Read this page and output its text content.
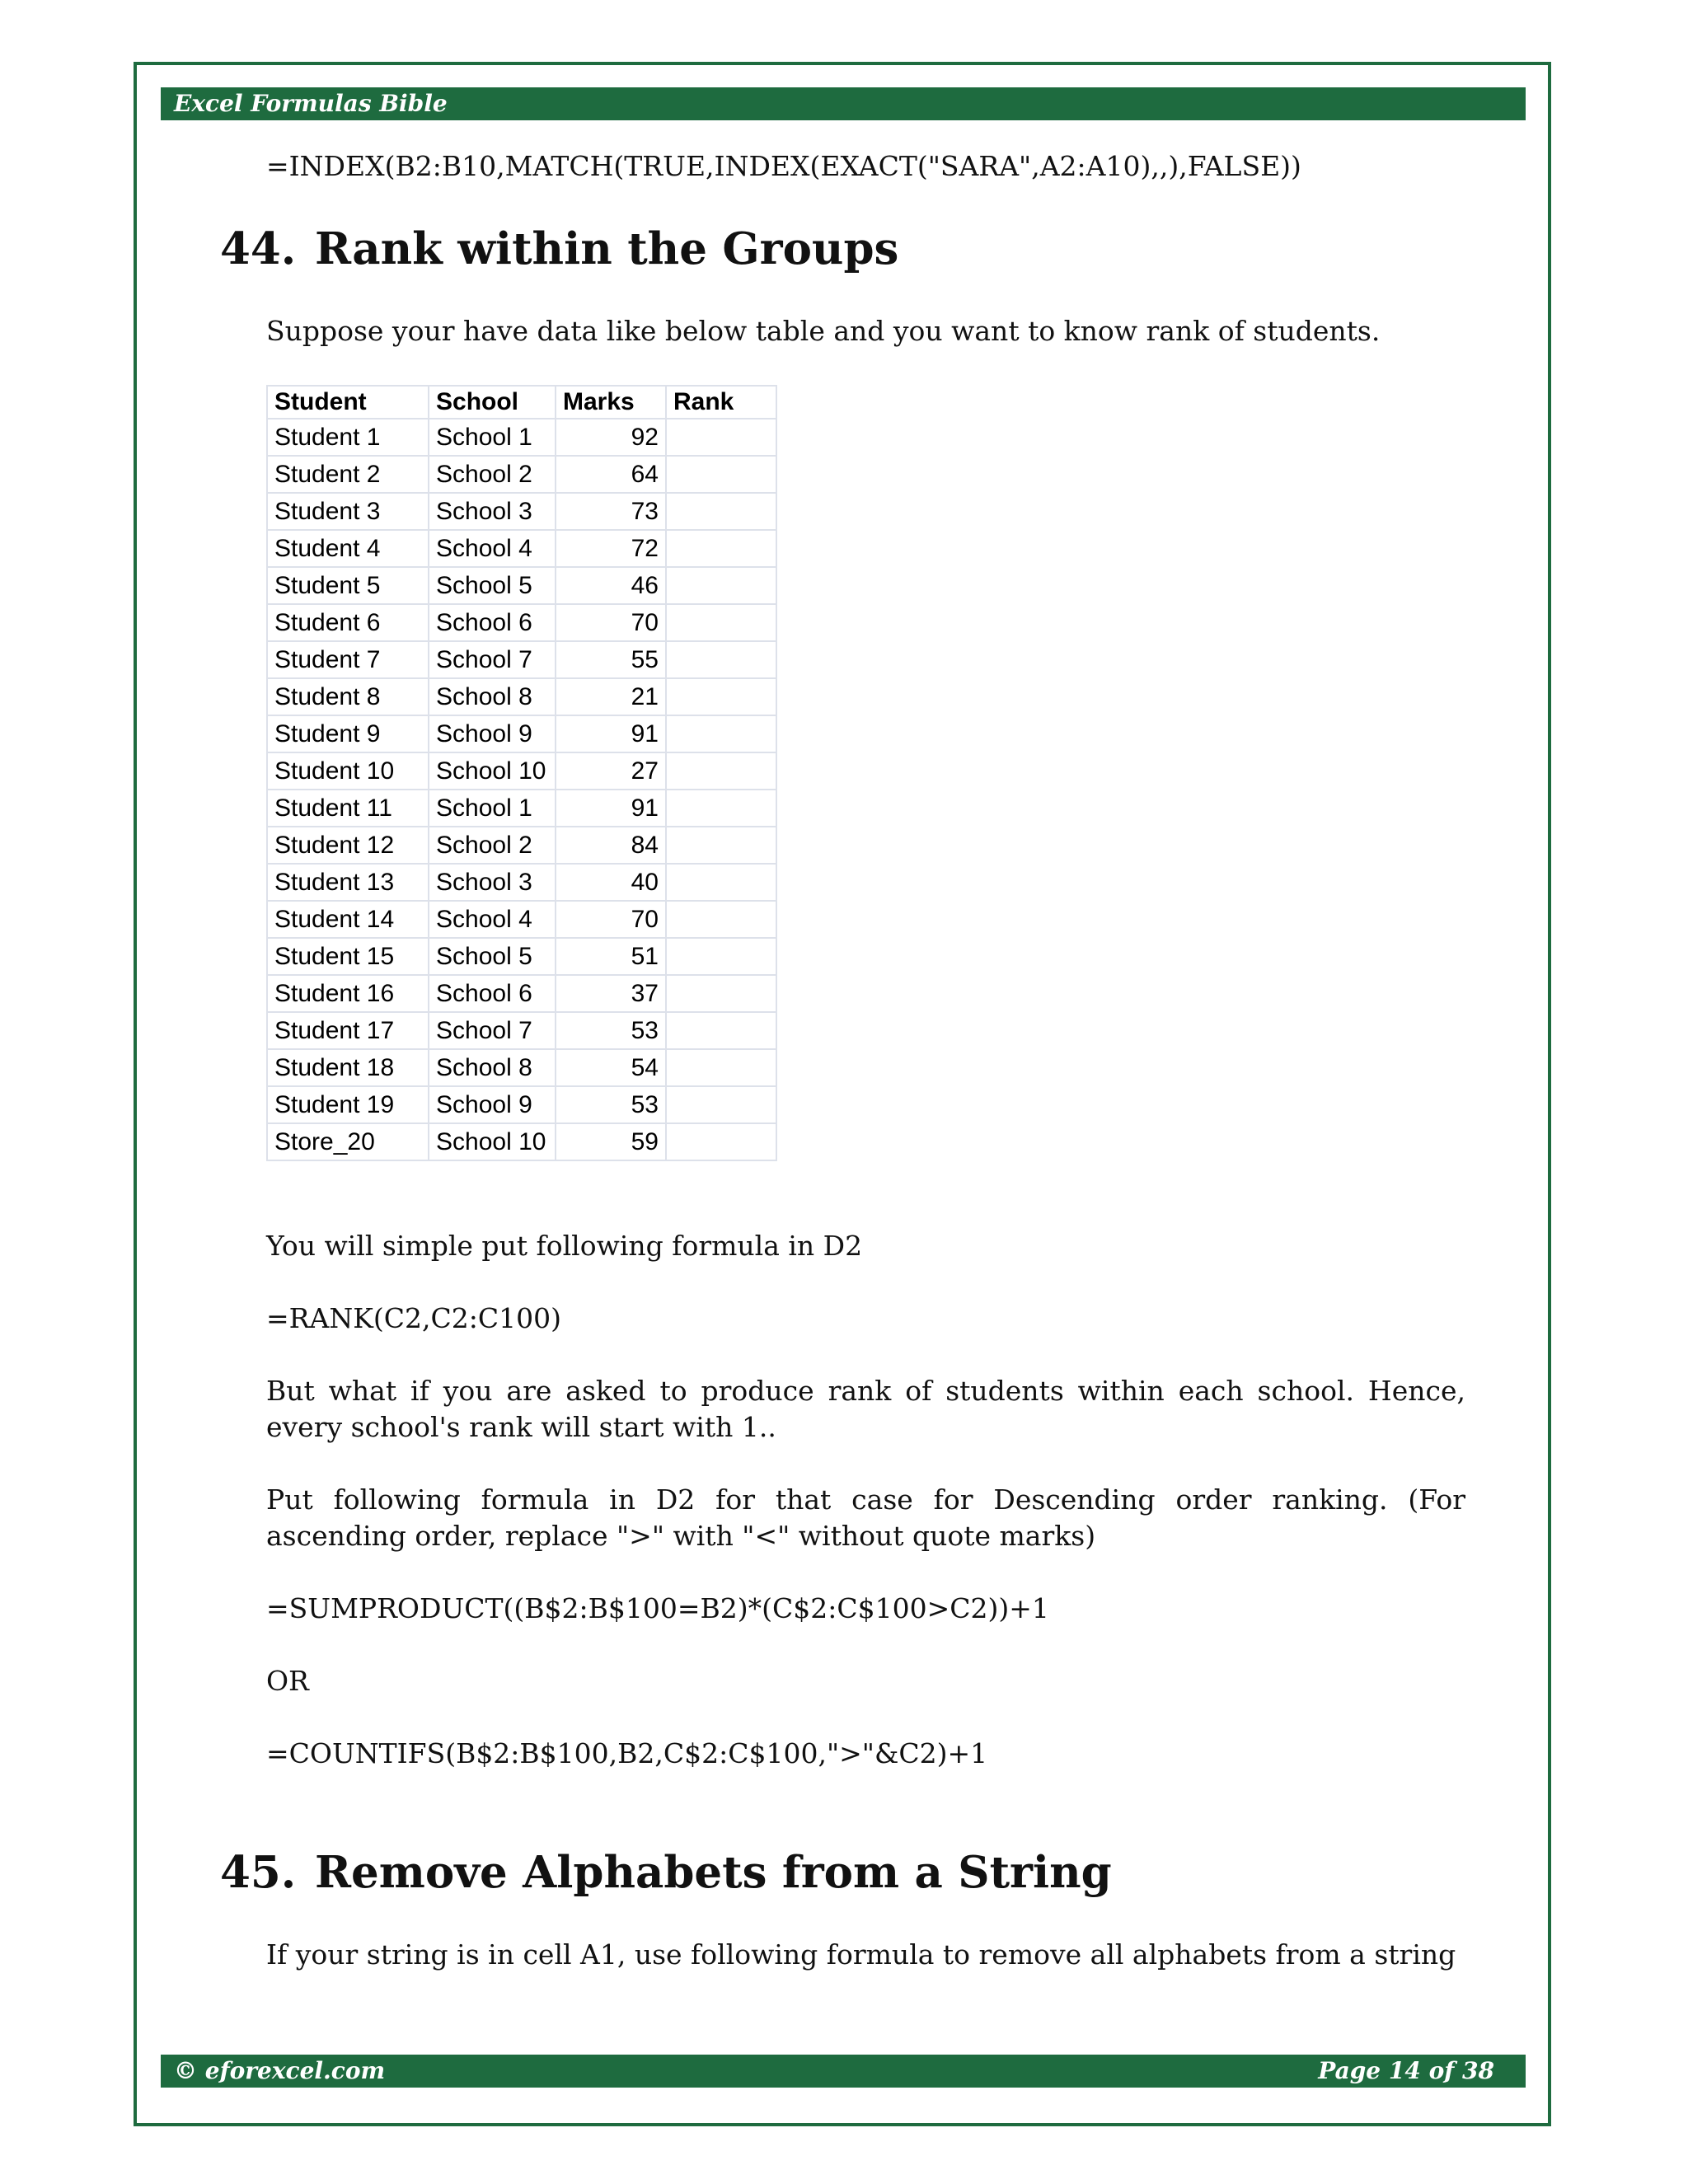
Excel Formulas Bible
=INDEX(B2:B10,MATCH(TRUE,INDEX(EXACT("SARA",A2:A10),,),FALSE))
44. Rank within the Groups
Suppose your have data like below table and you want to know rank of students.
Student	School	Marks	Rank
Student 1	School 1	92	
Student 2	School 2	64	
Student 3	School 3	73	
Student 4	School 4	72	
Student 5	School 5	46	
Student 6	School 6	70	
Student 7	School 7	55	
Student 8	School 8	21	
Student 9	School 9	91	
Student 10	School 10	27	
Student 11	School 1	91	
Student 12	School 2	84	
Student 13	School 3	40	
Student 14	School 4	70	
Student 15	School 5	51	
Student 16	School 6	37	
Student 17	School 7	53	
Student 18	School 8	54	
Student 19	School 9	53	
Store_20	School 10	59	
You will simple put following formula in D2
=RANK(C2,C2:C100)
But what if you are asked to produce rank of students within each school. Hence, every school's rank will start with 1..
Put following formula in D2 for that case for Descending order ranking. (For ascending order, replace ">" with "<" without quote marks)
=SUMPRODUCT((B$2:B$100=B2)*(C$2:C$100>C2))+1
OR
=COUNTIFS(B$2:B$100,B2,C$2:C$100,">"&C2)+1
45. Remove Alphabets from a String
If your string is in cell A1, use following formula to remove all alphabets from a string
© eforexcel.com	Page 14 of 38
